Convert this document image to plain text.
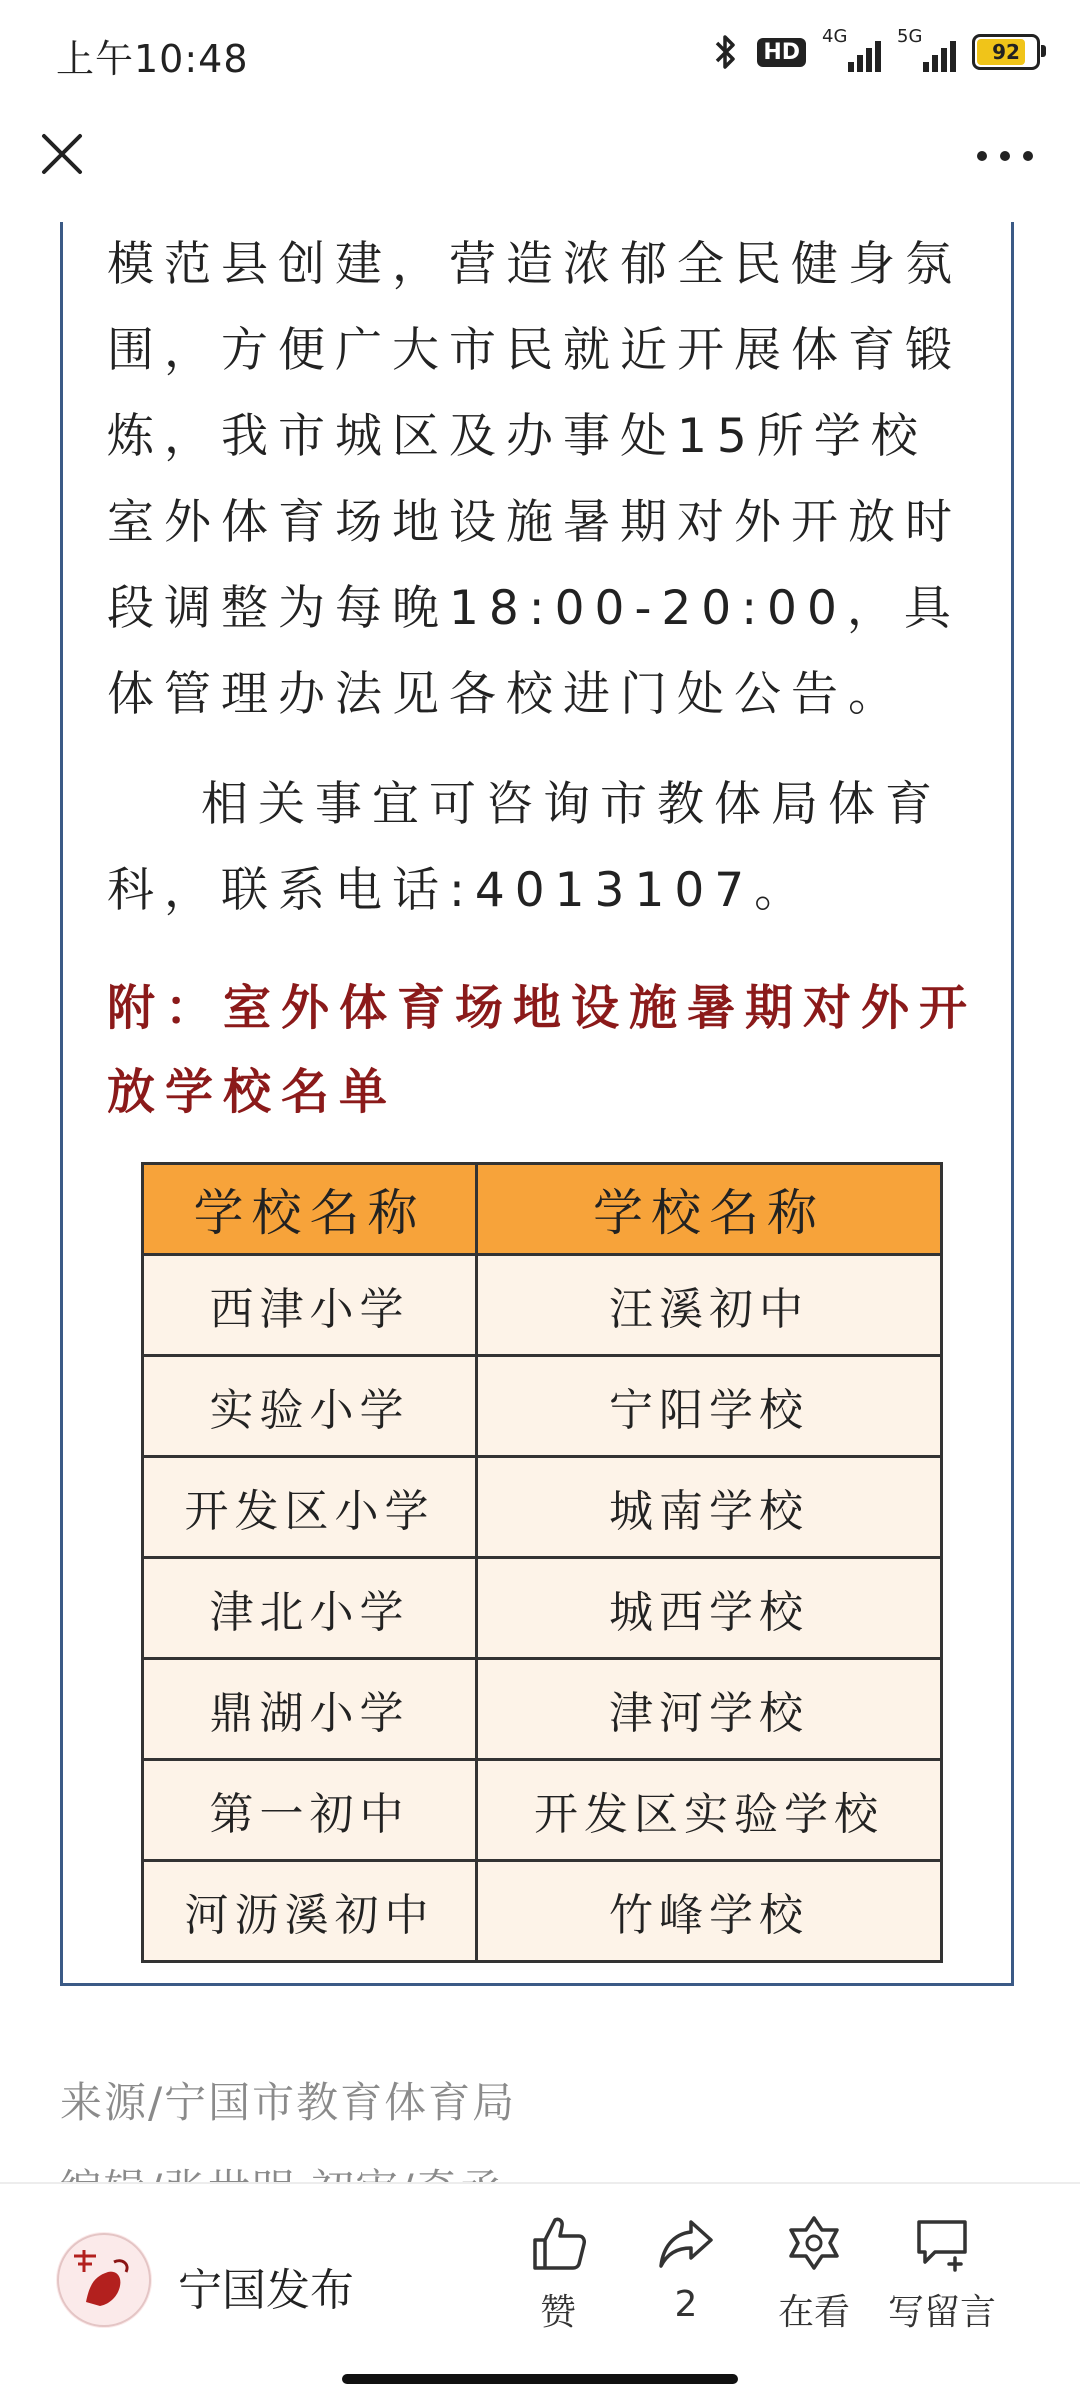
上午10:48	HD
4G	5G
92

模范县创建，营造浓郁全民健身氛围，方便广大市民就近开展体育锻炼，我市城区及办事处15所学校室外体育场地设施暑期对外开放时段调整为每晚18:00-20:00，具体管理办法见各校进门处公告。

相关事宜可咨询市教体局体育科，联系电话:4013107。

附：室外体育场地设施暑期对外开放学校名单

学校名称	学校名称
西津小学	汪溪初中
实验小学	宁阳学校
开发区小学	城南学校
津北小学	城西学校
鼎湖小学	津河学校
第一初中	开发区实验学校
河沥溪初中	竹峰学校
来源/宁国市教育体育局
宁国发布	赞	2	在看	写留言
